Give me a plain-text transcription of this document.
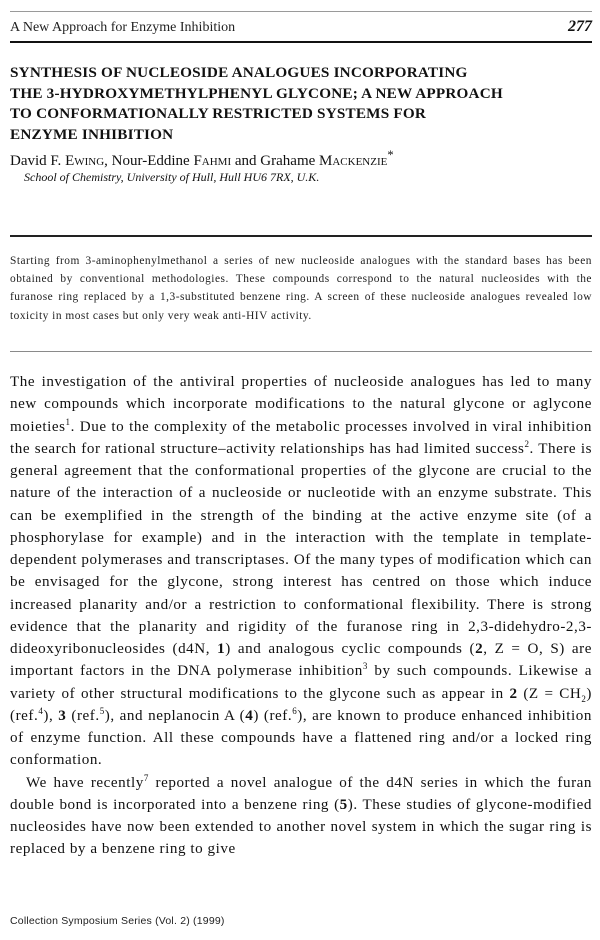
A New Approach for Enzyme Inhibition	277
SYNTHESIS OF NUCLEOSIDE ANALOGUES INCORPORATING
THE 3-HYDROXYMETHYLPHENYL GLYCONE; A NEW APPROACH
TO CONFORMATIONALLY RESTRICTED SYSTEMS FOR
ENZYME INHIBITION
David F. Ewing, Nour-Eddine Fahmi and Grahame Mackenzie*
School of Chemistry, University of Hull, Hull HU6 7RX, U.K.
Starting from 3-aminophenylmethanol a series of new nucleoside analogues with the standard bases has been obtained by conventional methodologies. These compounds correspond to the natural nucleosides with the furanose ring replaced by a 1,3-substituted benzene ring. A screen of these nucleoside analogues revealed low toxicity in most cases but only very weak anti-HIV activity.

The investigation of the antiviral properties of nucleoside analogues has led to many new compounds which incorporate modifications to the natural glycone or aglycone moieties$^1$. Due to the complexity of the metabolic processes involved in viral inhibition the search for rational structure–activity relationships has had limited success$^2$. There is general agreement that the conformational properties of the glycone are crucial to the nature of the interaction of a nucleoside or nucleotide with an enzyme substrate. This can be exemplified in the strength of the binding at the active enzyme site (of a phosphorylase for example) and in the interaction with the template in template-dependent polymerases and transcriptases. Of the many types of modification which can be envisaged for the glycone, strong interest has centred on those which induce increased planarity and/or a restriction to conformational flexibility. There is strong evidence that the planarity and rigidity of the furanose ring in 2,3-didehydro-2,3-dideoxyribonucleosides (d4N, 1) and analogous cyclic compounds (2, Z = O, S) are important factors in the DNA polymerase inhibition$^3$ by such compounds. Likewise a variety of other structural modifications to the glycone such as appear in 2 $(Z = CH_2)$ (ref.$^4$), 3 (ref.$^5$), and neplanocin A (4) (ref.$^6$), are known to produce enhanced inhibition of enzyme function. All these compounds have a flattened ring and/or a locked ring conformation.

We have recently$^7$ reported a novel analogue of the d4N series in which the furan double bond is incorporated into a benzene ring (5). These studies of glycone-modified nucleosides have now been extended to another novel system in which the sugar ring is replaced by a benzene ring to give

Collection Symposium Series (Vol. 2) (1999)
